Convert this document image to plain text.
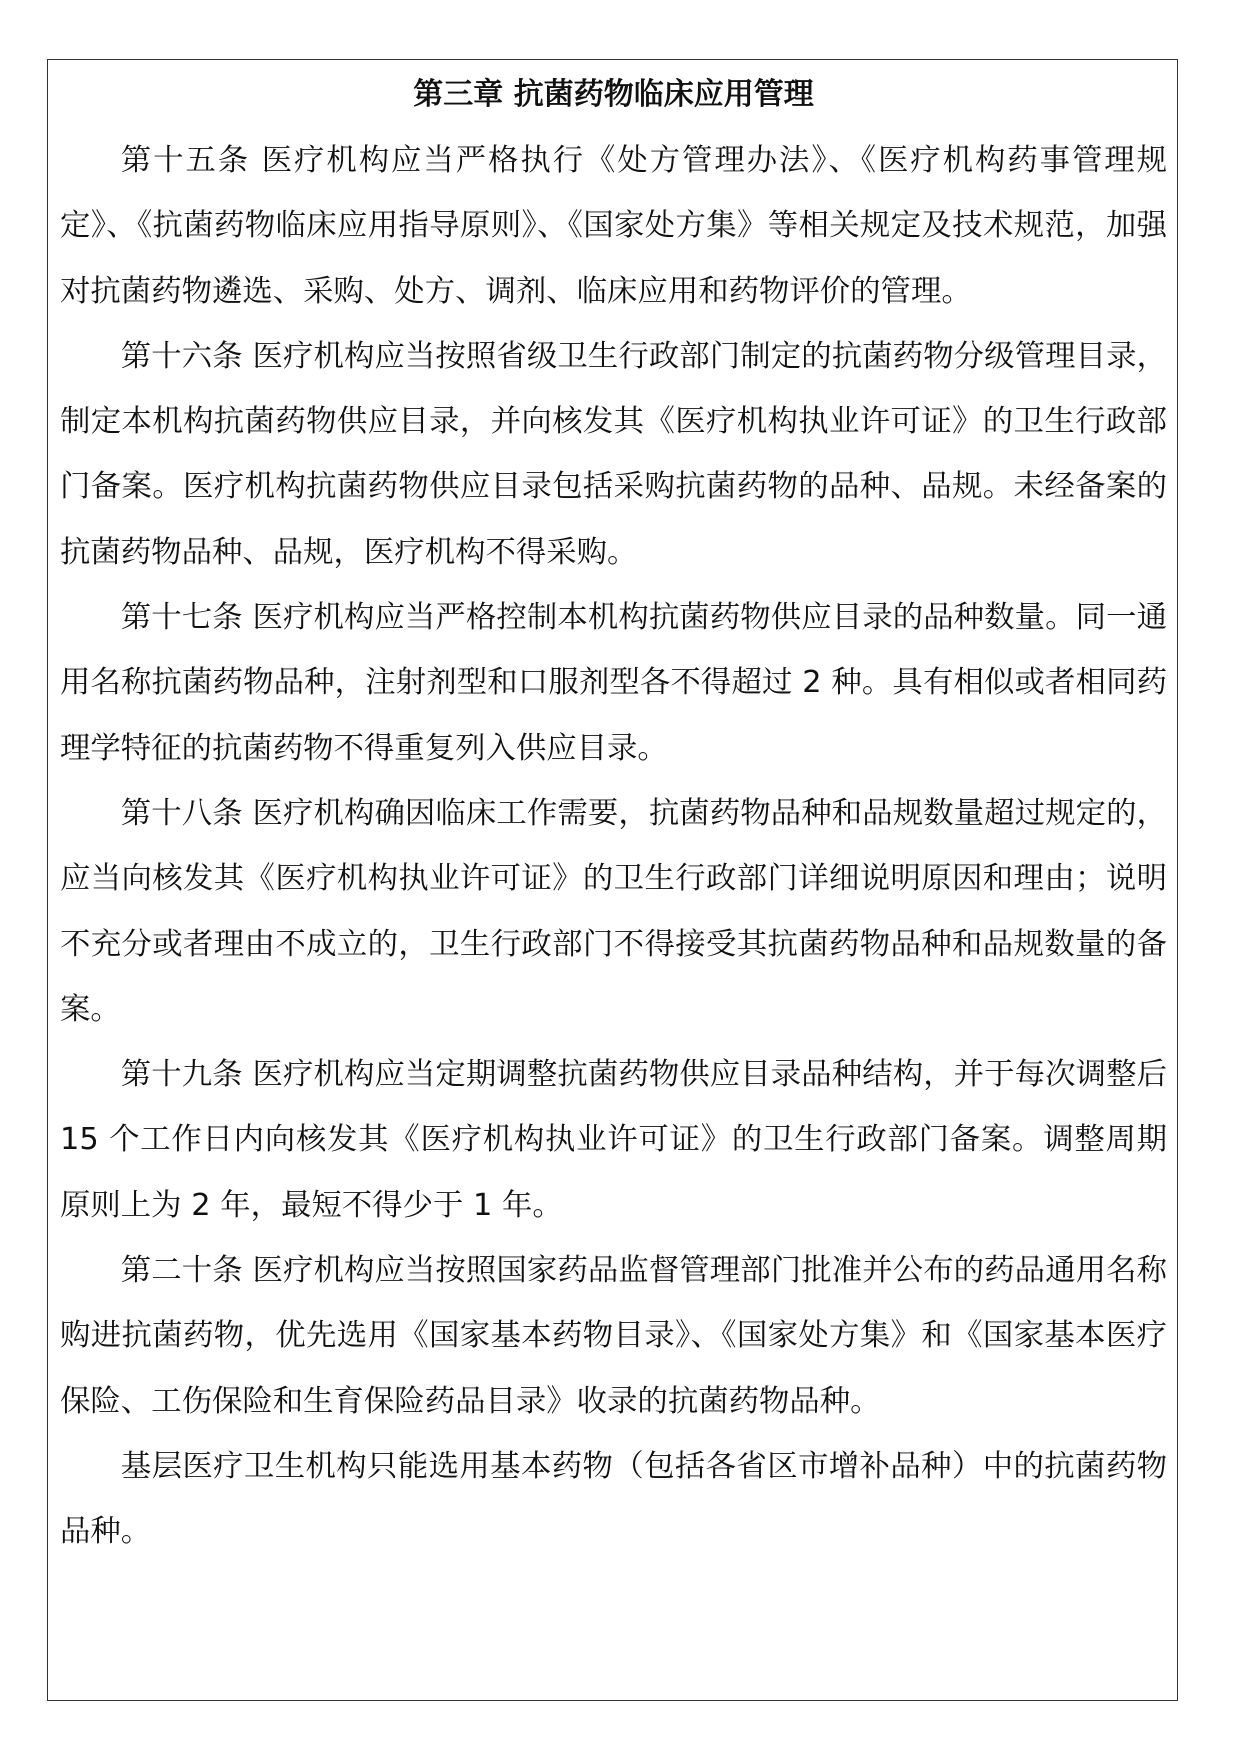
第三章 抗菌药物临床应用管理

第十五条 医疗机构应当严格执行《处方管理办法》、《医疗机构药事管理规定》、《抗菌药物临床应用指导原则》、《国家处方集》等相关规定及技术规范，加强对抗菌药物遴选、采购、处方、调剂、临床应用和药物评价的管理。

第十六条 医疗机构应当按照省级卫生行政部门制定的抗菌药物分级管理目录，制定本机构抗菌药物供应目录，并向核发其《医疗机构执业许可证》的卫生行政部门备案。医疗机构抗菌药物供应目录包括采购抗菌药物的品种、品规。未经备案的抗菌药物品种、品规，医疗机构不得采购。

第十七条 医疗机构应当严格控制本机构抗菌药物供应目录的品种数量。同一通用名称抗菌药物品种，注射剂型和口服剂型各不得超过 2 种。具有相似或者相同药理学特征的抗菌药物不得重复列入供应目录。

第十八条 医疗机构确因临床工作需要，抗菌药物品种和品规数量超过规定的，应当向核发其《医疗机构执业许可证》的卫生行政部门详细说明原因和理由；说明不充分或者理由不成立的，卫生行政部门不得接受其抗菌药物品种和品规数量的备案。

第十九条 医疗机构应当定期调整抗菌药物供应目录品种结构，并于每次调整后 15 个工作日内向核发其《医疗机构执业许可证》的卫生行政部门备案。调整周期原则上为 2 年，最短不得少于 1 年。

第二十条 医疗机构应当按照国家药品监督管理部门批准并公布的药品通用名称购进抗菌药物，优先选用《国家基本药物目录》、《国家处方集》和《国家基本医疗保险、工伤保险和生育保险药品目录》收录的抗菌药物品种。

基层医疗卫生机构只能选用基本药物（包括各省区市增补品种）中的抗菌药物品种。
